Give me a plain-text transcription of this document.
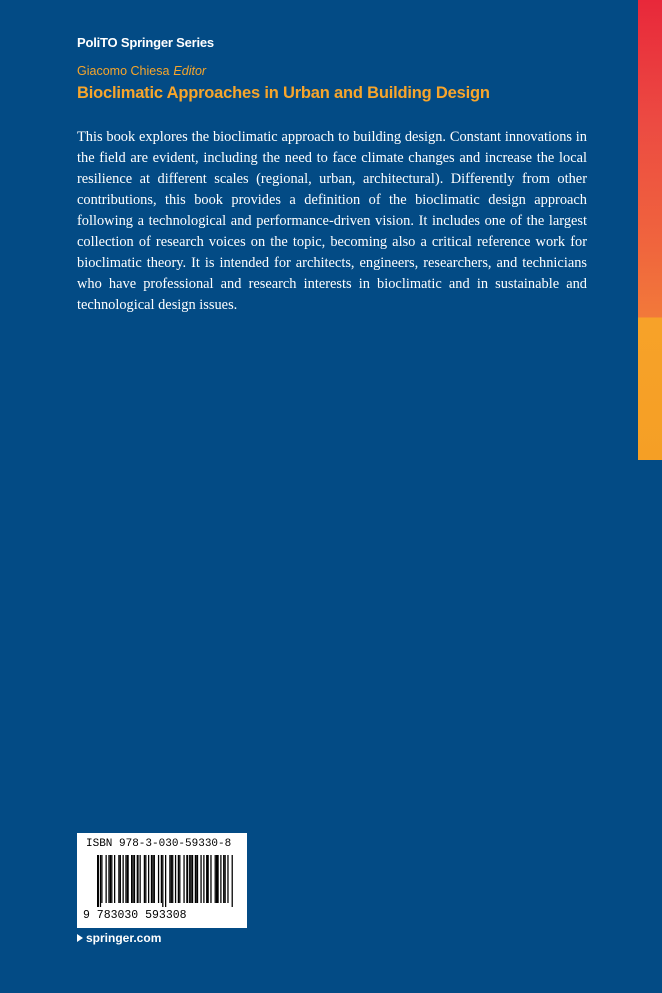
PoliTO Springer Series
Giacomo Chiesa Editor
Bioclimatic Approaches in Urban and Building Design

This book explores the bioclimatic approach to building design. Constant innovations in the field are evident, including the need to face climate changes and increase the local resilience at different scales (regional, urban, architectural). Differently from other contributions, this book provides a definition of the bioclimatic design approach following a technological and performance-driven vision. It includes one of the largest collection of research voices on the topic, becoming also a critical reference work for bioclimatic theory. It is intended for architects, engineers, researchers, and technicians who have professional and research interests in bioclimatic and in sustainable and technological design issues.

ISBN 978-3-030-59330-8
9 783030 593308
springer.com
